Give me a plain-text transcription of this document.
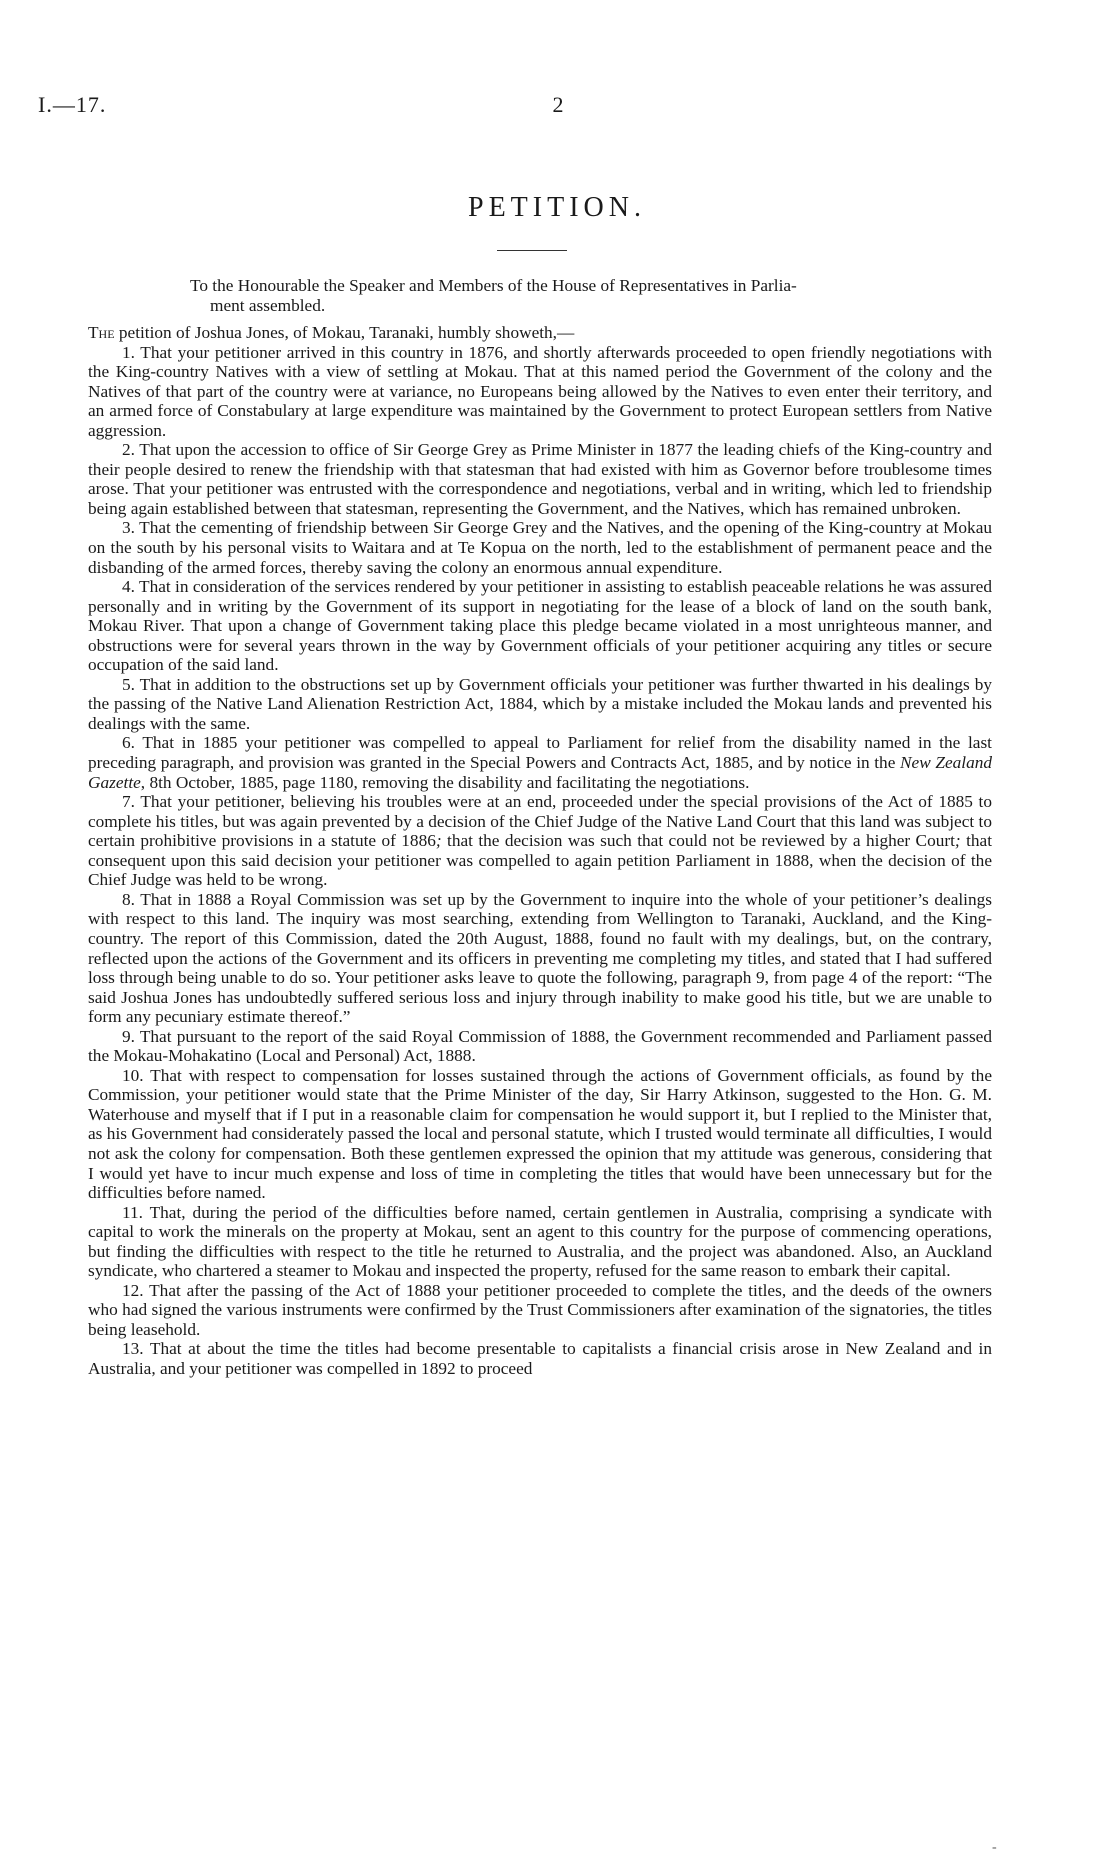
I.—17.	2
PETITION.
To the Honourable the Speaker and Members of the House of Representatives in Parlia-
ment assembled.

The petition of Joshua Jones, of Mokau, Taranaki, humbly showeth,—

1. That your petitioner arrived in this country in 1876, and shortly afterwards proceeded to open friendly negotiations with the King-country Natives with a view of settling at Mokau. That at this named period the Government of the colony and the Natives of that part of the country were at variance, no Europeans being allowed by the Natives to even enter their territory, and an armed force of Constabulary at large expenditure was maintained by the Government to protect European settlers from Native aggression.

2. That upon the accession to office of Sir George Grey as Prime Minister in 1877 the leading chiefs of the King-country and their people desired to renew the friendship with that statesman that had existed with him as Governor before troublesome times arose. That your petitioner was entrusted with the correspondence and negotiations, verbal and in writing, which led to friendship being again established between that statesman, representing the Government, and the Natives, which has remained unbroken.

3. That the cementing of friendship between Sir George Grey and the Natives, and the opening of the King-country at Mokau on the south by his personal visits to Waitara and at Te Kopua on the north, led to the establishment of permanent peace and the disbanding of the armed forces, thereby saving the colony an enormous annual expenditure.

4. That in consideration of the services rendered by your petitioner in assisting to establish peaceable relations he was assured personally and in writing by the Government of its support in negotiating for the lease of a block of land on the south bank, Mokau River. That upon a change of Government taking place this pledge became violated in a most unrighteous manner, and obstructions were for several years thrown in the way by Government officials of your petitioner acquiring any titles or secure occupation of the said land.

5. That in addition to the obstructions set up by Government officials your petitioner was further thwarted in his dealings by the passing of the Native Land Alienation Restriction Act, 1884, which by a mistake included the Mokau lands and prevented his dealings with the same.

6. That in 1885 your petitioner was compelled to appeal to Parliament for relief from the disability named in the last preceding paragraph, and provision was granted in the Special Powers and Contracts Act, 1885, and by notice in the New Zealand Gazette, 8th October, 1885, page 1180, removing the disability and facilitating the negotiations.

7. That your petitioner, believing his troubles were at an end, proceeded under the special provisions of the Act of 1885 to complete his titles, but was again prevented by a decision of the Chief Judge of the Native Land Court that this land was subject to certain prohibitive provisions in a statute of 1886; that the decision was such that could not be reviewed by a higher Court; that consequent upon this said decision your petitioner was compelled to again petition Parliament in 1888, when the decision of the Chief Judge was held to be wrong.

8. That in 1888 a Royal Commission was set up by the Government to inquire into the whole of your petitioner’s dealings with respect to this land. The inquiry was most searching, extending from Wellington to Taranaki, Auckland, and the King-country. The report of this Commission, dated the 20th August, 1888, found no fault with my dealings, but, on the contrary, reflected upon the actions of the Government and its officers in preventing me completing my titles, and stated that I had suffered loss through being unable to do so. Your petitioner asks leave to quote the following, paragraph 9, from page 4 of the report: “The said Joshua Jones has undoubtedly suffered serious loss and injury through inability to make good his title, but we are unable to form any pecuniary estimate thereof.”

9. That pursuant to the report of the said Royal Commission of 1888, the Government recommended and Parliament passed the Mokau-Mohakatino (Local and Personal) Act, 1888.

10. That with respect to compensation for losses sustained through the actions of Government officials, as found by the Commission, your petitioner would state that the Prime Minister of the day, Sir Harry Atkinson, suggested to the Hon. G. M. Waterhouse and myself that if I put in a reasonable claim for compensation he would support it, but I replied to the Minister that, as his Government had considerately passed the local and personal statute, which I trusted would terminate all difficulties, I would not ask the colony for compensation. Both these gentlemen expressed the opinion that my attitude was generous, considering that I would yet have to incur much expense and loss of time in completing the titles that would have been unnecessary but for the difficulties before named.

11. That, during the period of the difficulties before named, certain gentlemen in Australia, comprising a syndicate with capital to work the minerals on the property at Mokau, sent an agent to this country for the purpose of commencing operations, but finding the difficulties with respect to the title he returned to Australia, and the project was abandoned. Also, an Auckland syndicate, who chartered a steamer to Mokau and inspected the property, refused for the same reason to embark their capital.

12. That after the passing of the Act of 1888 your petitioner proceeded to complete the titles, and the deeds of the owners who had signed the various instruments were confirmed by the Trust Commissioners after examination of the signatories, the titles being leasehold.

13. That at about the time the titles had become presentable to capitalists a financial crisis arose in New Zealand and in Australia, and your petitioner was compelled in 1892 to proceed

-
